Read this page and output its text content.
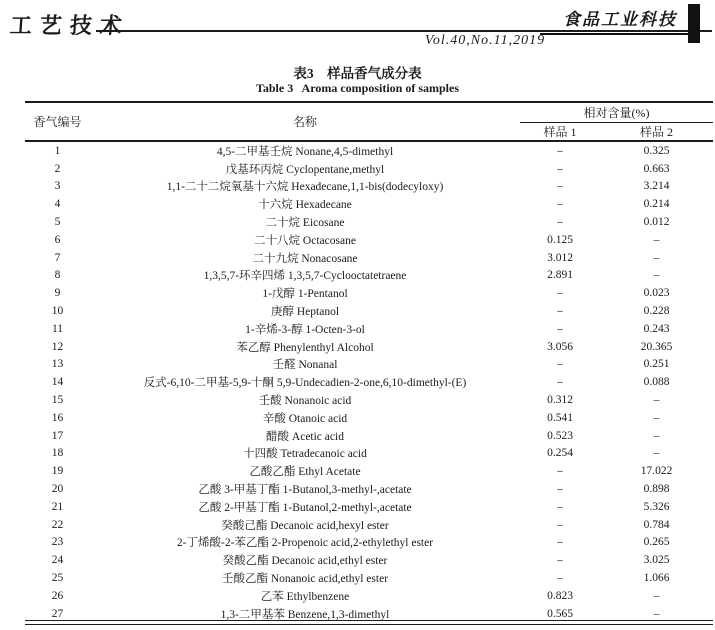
工艺技术	食品工业科技
Vol.40,No.11,2019
表3　样品香气成分表
Table 3   Aroma composition of samples
香气编号	名称	相对含量(%)	
		样品 1	样品 2
1	4,5-二甲基壬烷 Nonane,4,5-dimethyl	–	0.325
2	戊基环丙烷 Cyclopentane,methyl	–	0.663
3	1,1-二十二烷氧基十六烷 Hexadecane,1,1-bis(dodecyloxy)	–	3.214
4	十六烷 Hexadecane	–	0.214
5	二十烷 Eicosane	–	0.012
6	二十八烷 Octacosane	0.125	–
7	二十九烷 Nonacosane	3.012	–
8	1,3,5,7-环辛四烯 1,3,5,7-Cyclooctatetraene	2.891	–
9	1-戊醇 1-Pentanol	–	0.023
10	庚醇 Heptanol	–	0.228
11	1-辛烯-3-醇 1-Octen-3-ol	–	0.243
12	苯乙醇 Phenylenthyl Alcohol	3.056	20.365
13	壬醛 Nonanal	–	0.251
14	反式-6,10-二甲基-5,9-十酮 5,9-Undecadien-2-one,6,10-dimethyl-(E)	–	0.088
15	壬酸 Nonanoic acid	0.312	–
16	辛酸 Otanoic acid	0.541	–
17	醋酸 Acetic acid	0.523	–
18	十四酸 Tetradecanoic acid	0.254	–
19	乙酸乙酯 Ethyl Acetate	–	17.022
20	乙酸 3-甲基丁酯 1-Butanol,3-methyl-,acetate	–	0.898
21	乙酸 2-甲基丁酯 1-Butanol,2-methyl-,acetate	–	5.326
22	癸酸己酯 Decanoic acid,hexyl ester	–	0.784
23	2-丁烯酸-2-苯乙酯 2-Propenoic acid,2-ethylethyl ester	–	0.265
24	癸酸乙酯 Decanoic acid,ethyl ester	–	3.025
25	壬酸乙酯 Nonanoic acid,ethyl ester	–	1.066
26	乙苯 Ethylbenzene	0.823	–
27	1,3-二甲基苯 Benzene,1,3-dimethyl	0.565	–
